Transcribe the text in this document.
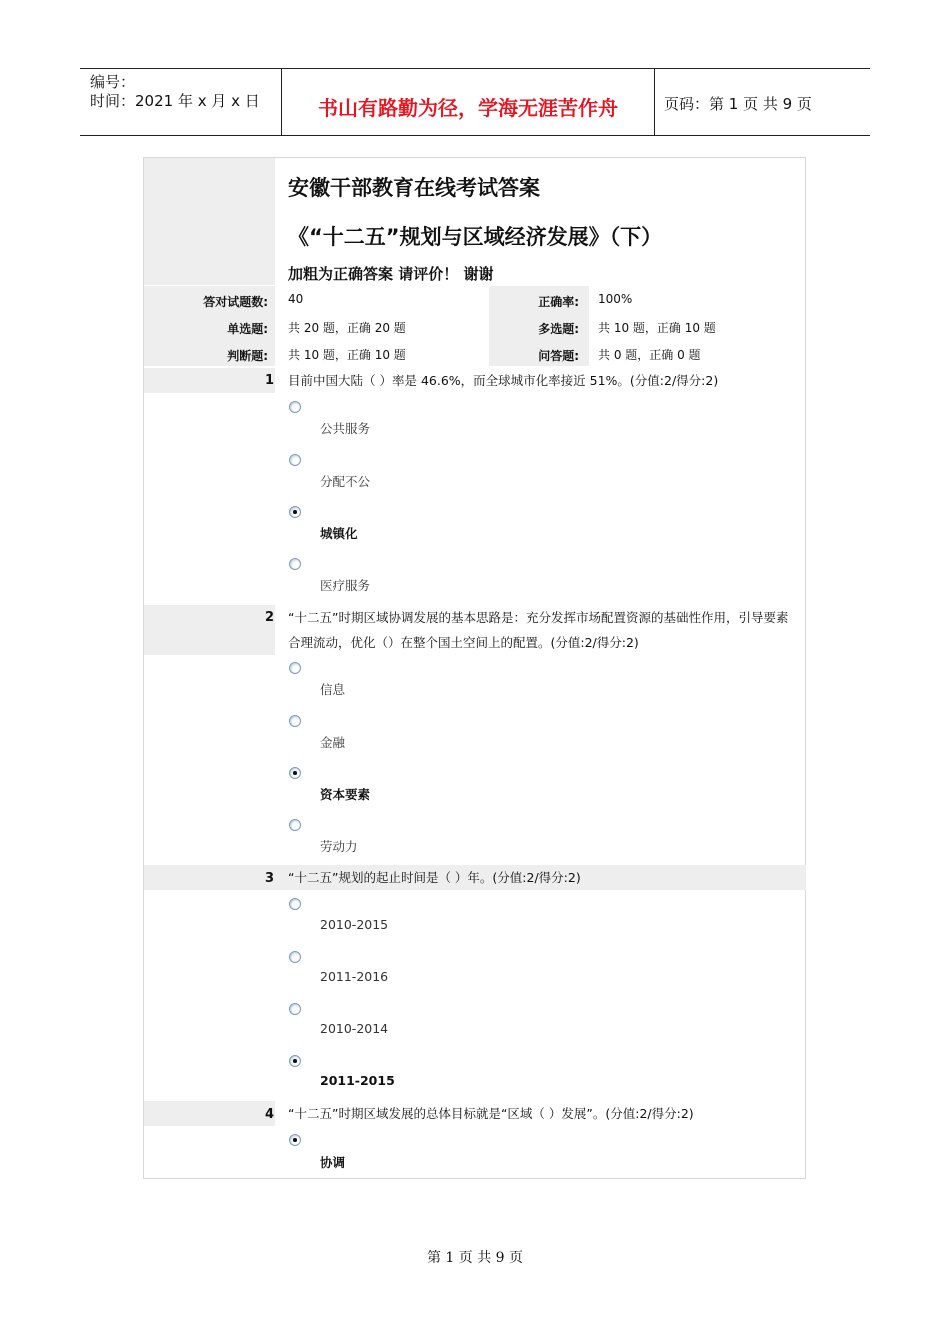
编号：
时间：2021 年 x 月 x 日	书山有路勤为径，学海无涯苦作舟	页码：第 1 页 共 9 页
安徽干部教育在线考试答案
《“十二五”规划与区域经济发展》（下）
加粗为正确答案 请评价！ 谢谢
答对试题数: 40	正确率: 100%
单选题: 共 20 题，正确 20 题	多选题: 共 10 题，正确 10 题
判断题: 共 10 题，正确 10 题	问答题: 共 0 题，正确 0 题
1 目前中国大陆（ ）率是 46.6%，而全球城市化率接近 51%。(分值:2/得分:2)
公共服务
分配不公
城镇化
医疗服务
2 “十二五”时期区域协调发展的基本思路是：充分发挥市场配置资源的基础性作用，引导要素
合理流动，优化（）在整个国土空间上的配置。(分值:2/得分:2)
信息
金融
资本要素
劳动力
3 “十二五”规划的起止时间是（ ）年。(分值:2/得分:2)
2010-2015
2011-2016
2010-2014
2011-2015
4 “十二五”时期区域发展的总体目标就是“区域（ ）发展”。(分值:2/得分:2)
协调
第 1 页 共 9 页
